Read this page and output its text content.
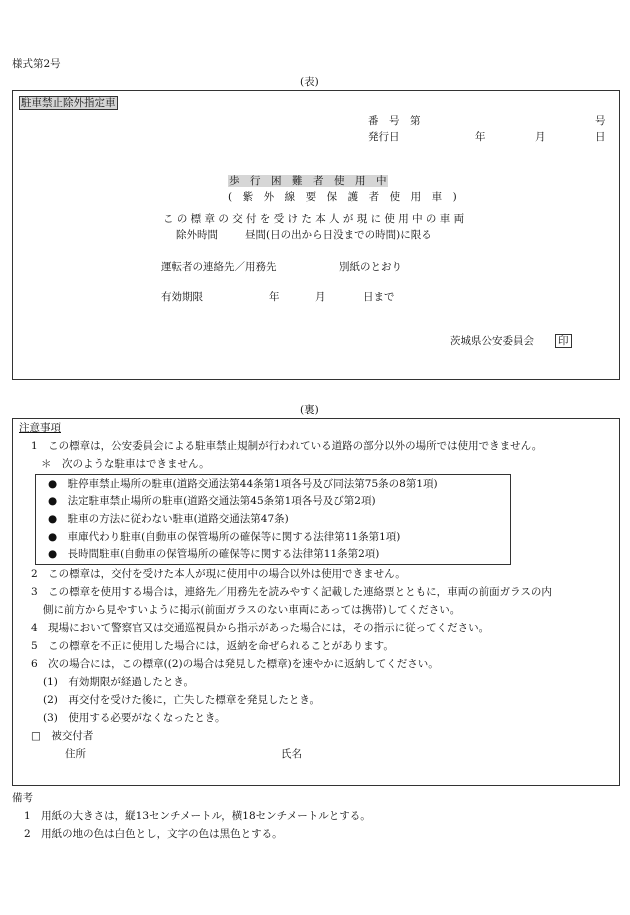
様式第2号
(表)
駐車禁止除外指定車
番　号　第	号
発行日	年	月	日
歩　行　困　難　者　使　用　中
(　紫　外　線　要　保　護　者　使　用　車　)
こ の 標 章 の 交 付 を 受 け た 本 人 が 現 に 使 用 中 の 車 両
除外時間	昼間(日の出から日没までの時間)に限る
運転者の連絡先／用務先	別紙のとおり
有効期限	年	月	日まで
茨城県公安委員会 印
(裏)
注意事項
1　この標章は，公安委員会による駐車禁止規制が行われている道路の部分以外の場所では使用できません。
＊　次のような駐車はできません。
●　駐停車禁止場所の駐車(道路交通法第44条第1項各号及び同法第75条の8第1項)
●　法定駐車禁止場所の駐車(道路交通法第45条第1項各号及び第2項)
●　駐車の方法に従わない駐車(道路交通法第47条)
●　車庫代わり駐車(自動車の保管場所の確保等に関する法律第11条第1項)
●　長時間駐車(自動車の保管場所の確保等に関する法律第11条第2項)
2　この標章は，交付を受けた本人が現に使用中の場合以外は使用できません。
3　この標章を使用する場合は，連絡先／用務先を読みやすく記載した連絡票とともに，車両の前面ガラスの内
側に前方から見やすいように掲示(前面ガラスのない車両にあっては携帯)してください。
4　現場において警察官又は交通巡視員から指示があった場合には，その指示に従ってください。
5　この標章を不正に使用した場合には，返納を命ぜられることがあります。
6　次の場合には，この標章((2)の場合は発見した標章)を速やかに返納してください。
(1)　有効期限が経過したとき。
(2)　再交付を受けた後に，亡失した標章を発見したとき。
(3)　使用する必要がなくなったとき。
□　被交付者
住所	氏名
備考
1　用紙の大きさは，縦13センチメートル，横18センチメートルとする。
2　用紙の地の色は白色とし，文字の色は黒色とする。
